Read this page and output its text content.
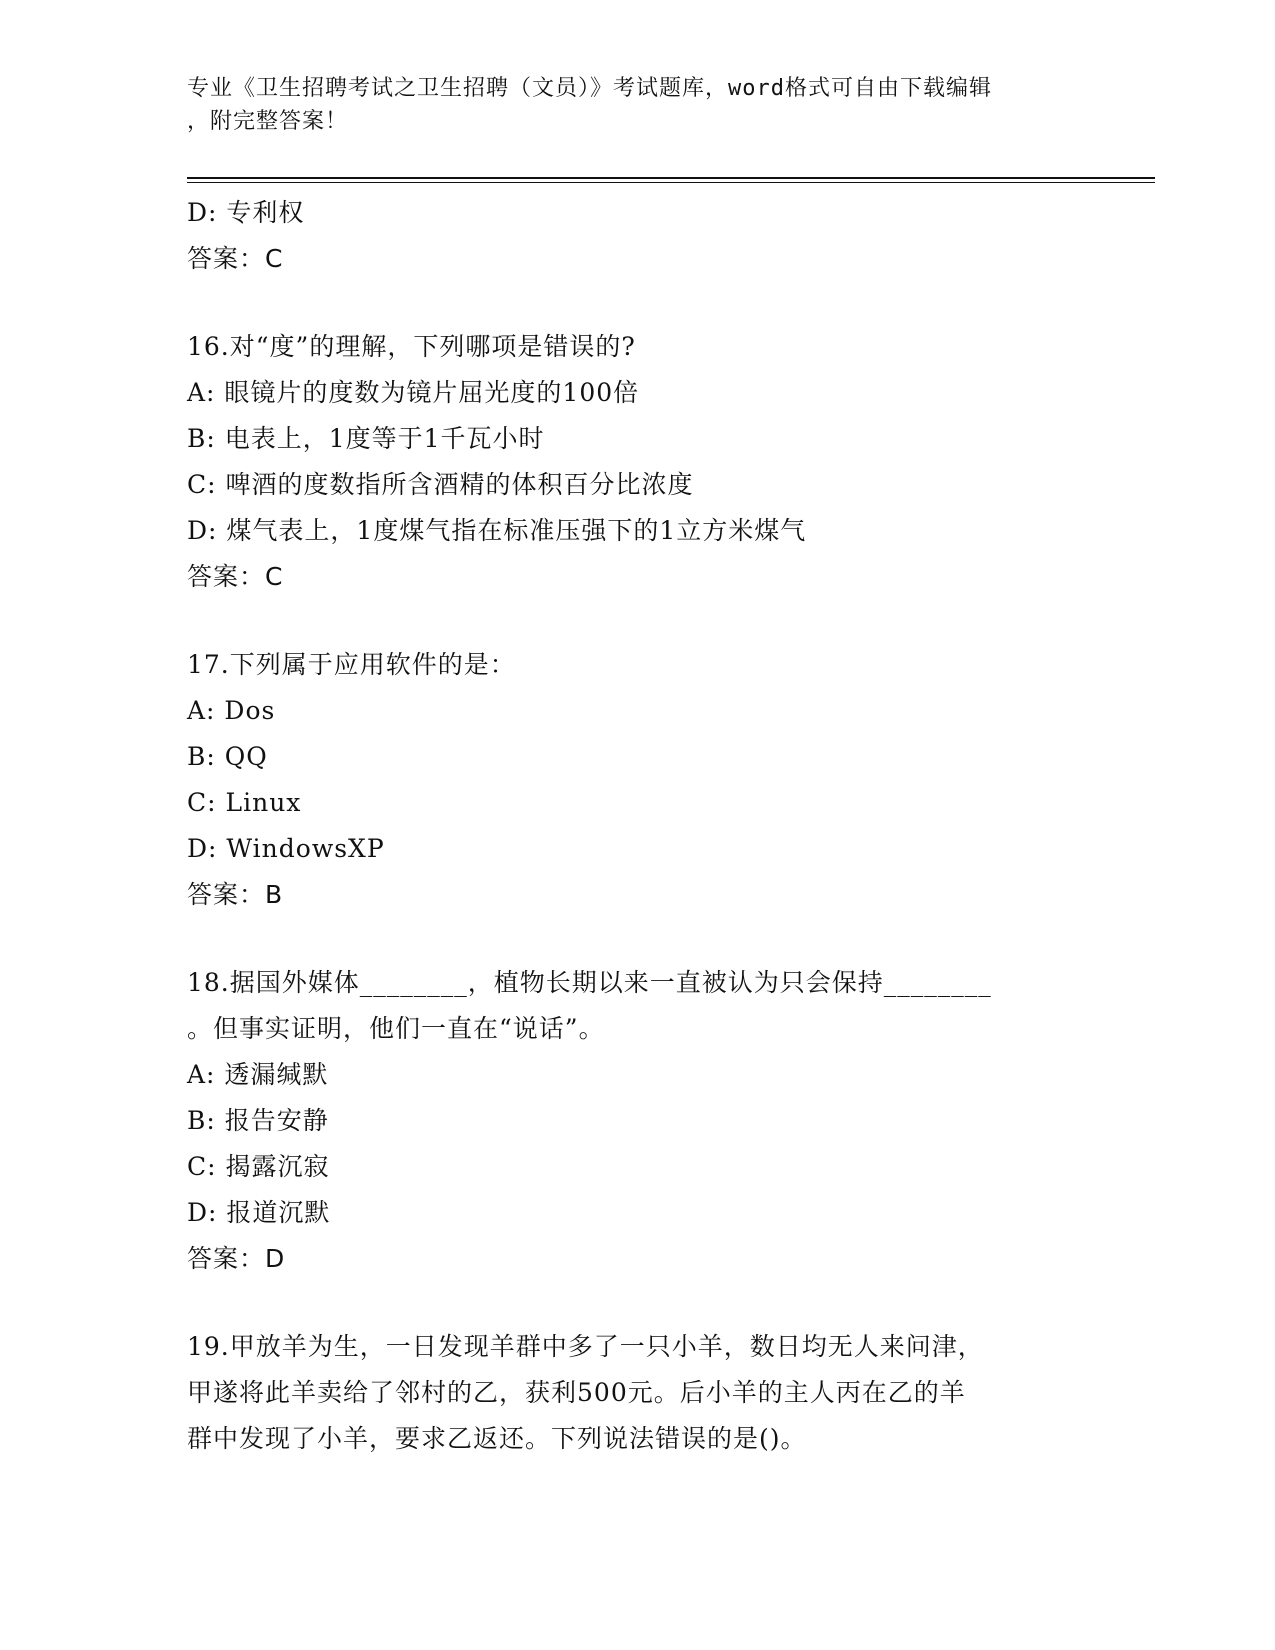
专业《卫生招聘考试之卫生招聘（文员）》考试题库，word格式可自由下载编辑
，附完整答案！
D: 专利权
答案：C
16.对“度”的理解，下列哪项是错误的?
A: 眼镜片的度数为镜片屈光度的100倍
B: 电表上，1度等于1千瓦小时
C: 啤酒的度数指所含酒精的体积百分比浓度
D: 煤气表上，1度煤气指在标准压强下的1立方米煤气
答案：C
17.下列属于应用软件的是：
A: Dos
B: QQ
C: Linux
D: WindowsXP
答案：B
18.据国外媒体________，植物长期以来一直被认为只会保持________
。但事实证明，他们一直在“说话”。
A: 透漏缄默
B: 报告安静
C: 揭露沉寂
D: 报道沉默
答案：D
19.甲放羊为生，一日发现羊群中多了一只小羊，数日均无人来问津，
甲遂将此羊卖给了邻村的乙，获利500元。后小羊的主人丙在乙的羊
群中发现了小羊，要求乙返还。下列说法错误的是()。
